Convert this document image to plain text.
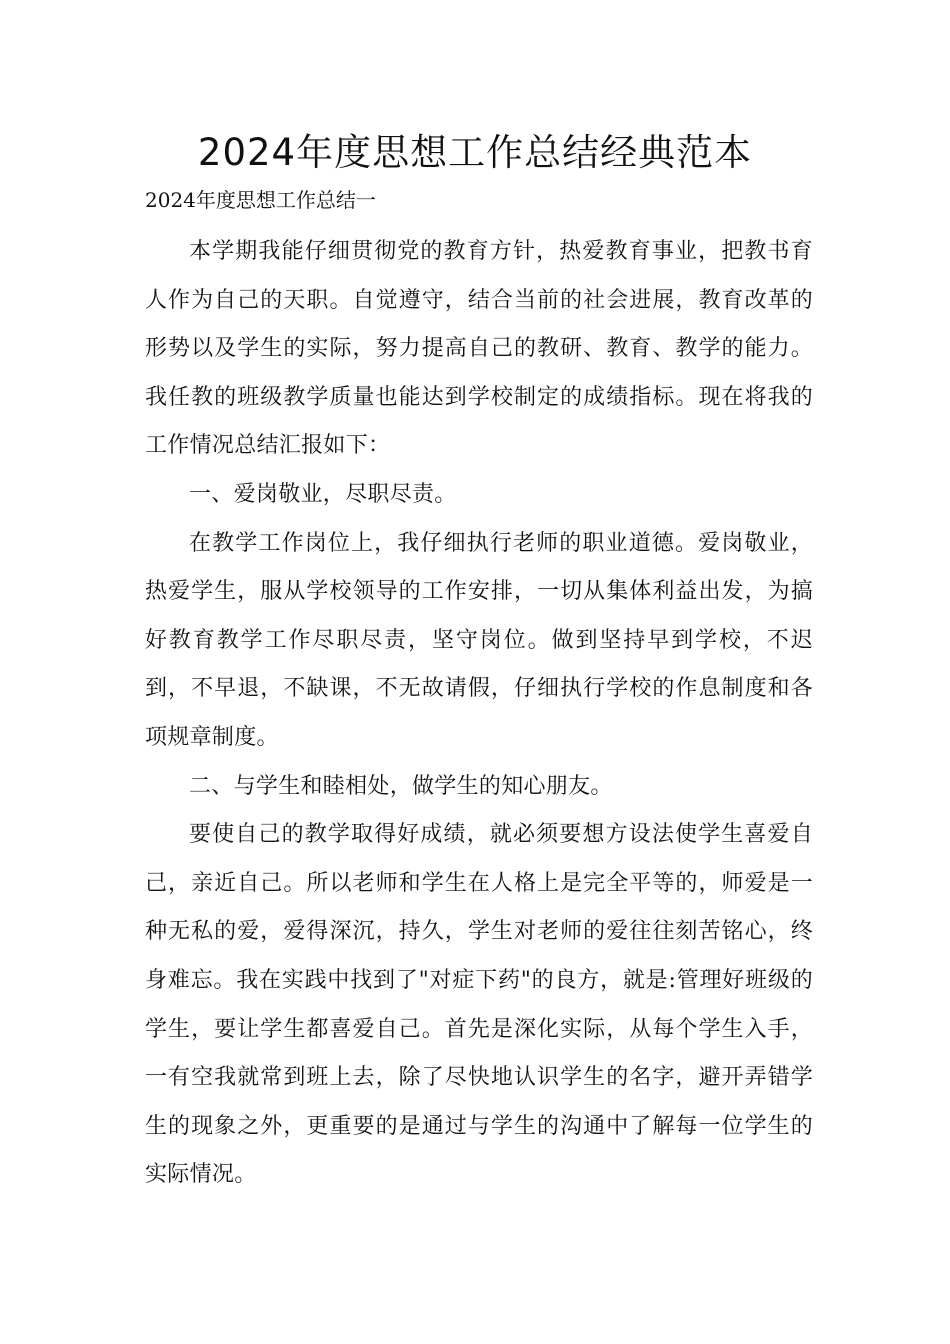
2024年度思想工作总结经典范本

2024年度思想工作总结一

本学期我能仔细贯彻党的教育方针，热爱教育事业，把教书育人作为自己的天职。自觉遵守，结合当前的社会进展，教育改革的形势以及学生的实际，努力提高自己的教研、教育、教学的能力。我任教的班级教学质量也能达到学校制定的成绩指标。现在将我的工作情况总结汇报如下：

一、爱岗敬业，尽职尽责。

在教学工作岗位上，我仔细执行老师的职业道德。爱岗敬业，热爱学生，服从学校领导的工作安排，一切从集体利益出发，为搞好教育教学工作尽职尽责，坚守岗位。做到坚持早到学校，不迟到，不早退，不缺课，不无故请假，仔细执行学校的作息制度和各项规章制度。

二、与学生和睦相处，做学生的知心朋友。

要使自己的教学取得好成绩，就必须要想方设法使学生喜爱自己，亲近自己。所以老师和学生在人格上是完全平等的，师爱是一种无私的爱，爱得深沉，持久，学生对老师的爱往往刻苦铭心，终身难忘。我在实践中找到了"对症下药"的良方，就是:管理好班级的学生，要让学生都喜爱自己。首先是深化实际，从每个学生入手，一有空我就常到班上去，除了尽快地认识学生的名字，避开弄错学生的现象之外，更重要的是通过与学生的沟通中了解每一位学生的实际情况。
